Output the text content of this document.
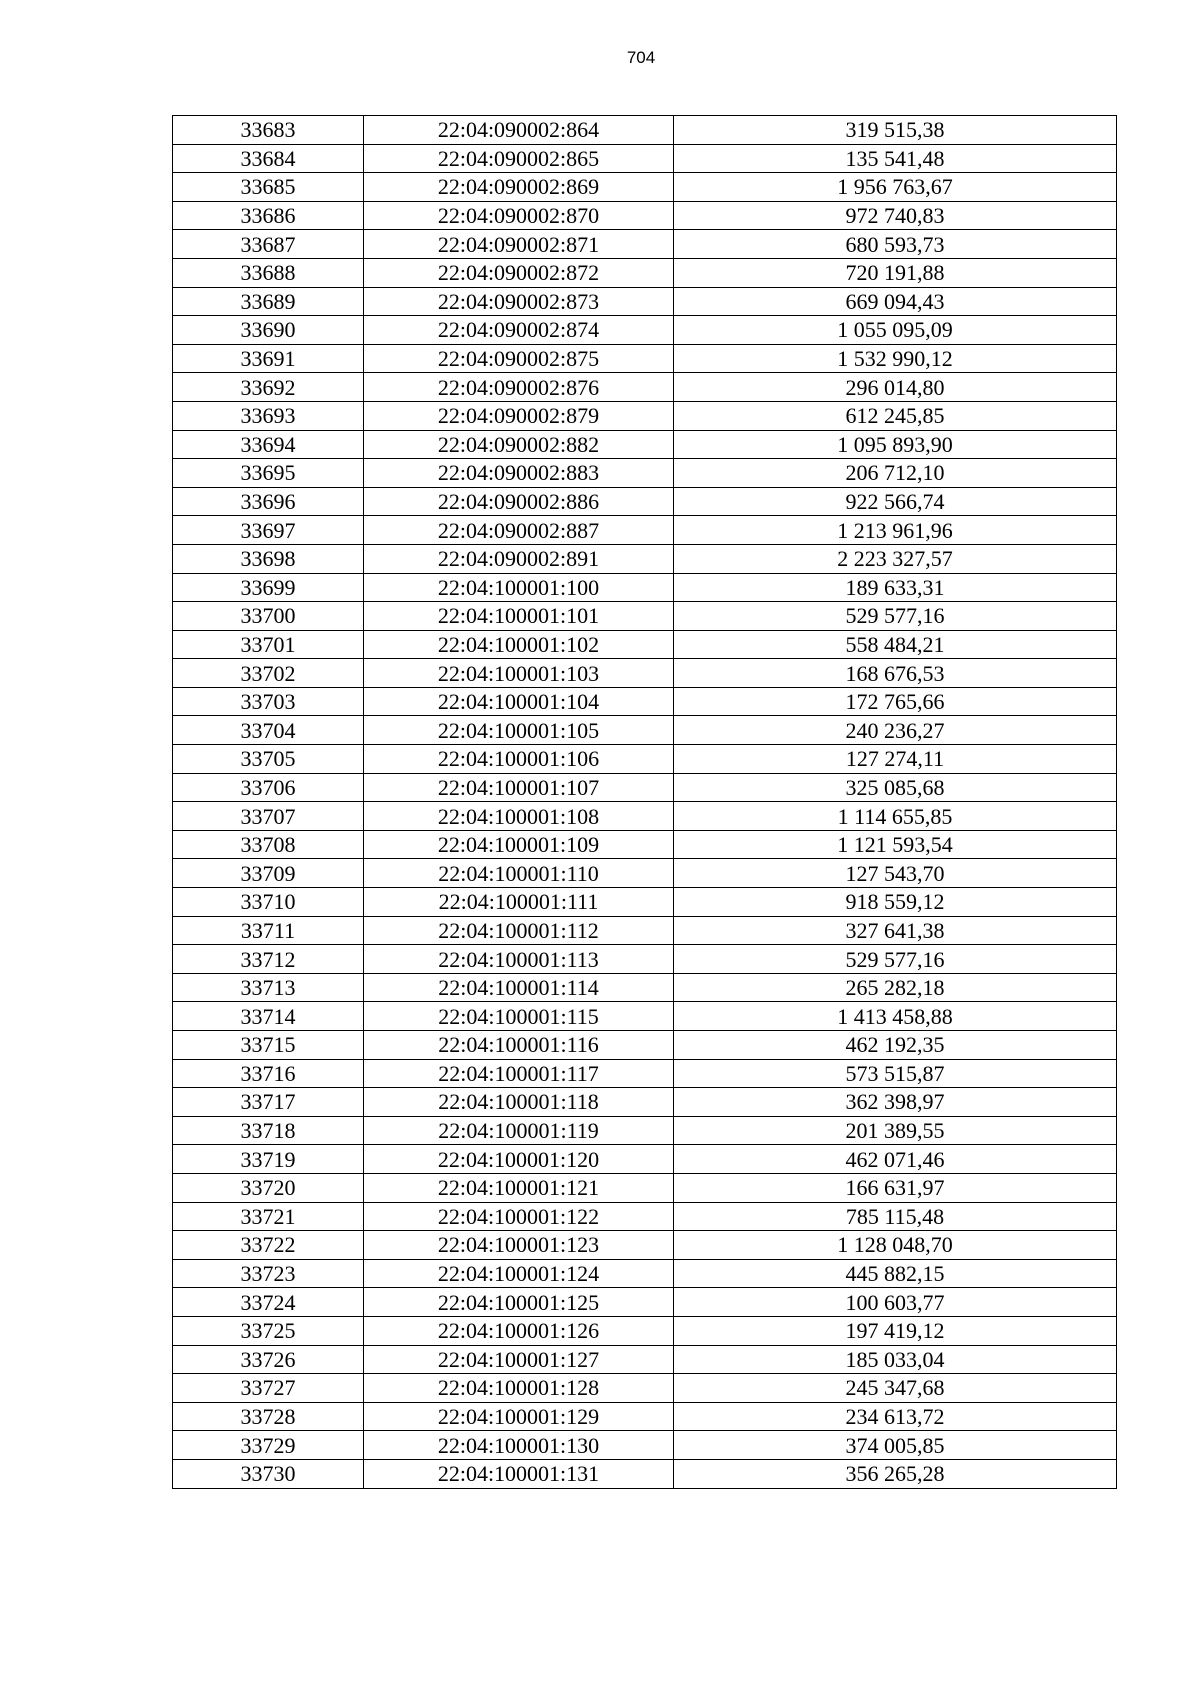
704
33683	22:04:090002:864	319 515,38
33684	22:04:090002:865	135 541,48
33685	22:04:090002:869	1 956 763,67
33686	22:04:090002:870	972 740,83
33687	22:04:090002:871	680 593,73
33688	22:04:090002:872	720 191,88
33689	22:04:090002:873	669 094,43
33690	22:04:090002:874	1 055 095,09
33691	22:04:090002:875	1 532 990,12
33692	22:04:090002:876	296 014,80
33693	22:04:090002:879	612 245,85
33694	22:04:090002:882	1 095 893,90
33695	22:04:090002:883	206 712,10
33696	22:04:090002:886	922 566,74
33697	22:04:090002:887	1 213 961,96
33698	22:04:090002:891	2 223 327,57
33699	22:04:100001:100	189 633,31
33700	22:04:100001:101	529 577,16
33701	22:04:100001:102	558 484,21
33702	22:04:100001:103	168 676,53
33703	22:04:100001:104	172 765,66
33704	22:04:100001:105	240 236,27
33705	22:04:100001:106	127 274,11
33706	22:04:100001:107	325 085,68
33707	22:04:100001:108	1 114 655,85
33708	22:04:100001:109	1 121 593,54
33709	22:04:100001:110	127 543,70
33710	22:04:100001:111	918 559,12
33711	22:04:100001:112	327 641,38
33712	22:04:100001:113	529 577,16
33713	22:04:100001:114	265 282,18
33714	22:04:100001:115	1 413 458,88
33715	22:04:100001:116	462 192,35
33716	22:04:100001:117	573 515,87
33717	22:04:100001:118	362 398,97
33718	22:04:100001:119	201 389,55
33719	22:04:100001:120	462 071,46
33720	22:04:100001:121	166 631,97
33721	22:04:100001:122	785 115,48
33722	22:04:100001:123	1 128 048,70
33723	22:04:100001:124	445 882,15
33724	22:04:100001:125	100 603,77
33725	22:04:100001:126	197 419,12
33726	22:04:100001:127	185 033,04
33727	22:04:100001:128	245 347,68
33728	22:04:100001:129	234 613,72
33729	22:04:100001:130	374 005,85
33730	22:04:100001:131	356 265,28
